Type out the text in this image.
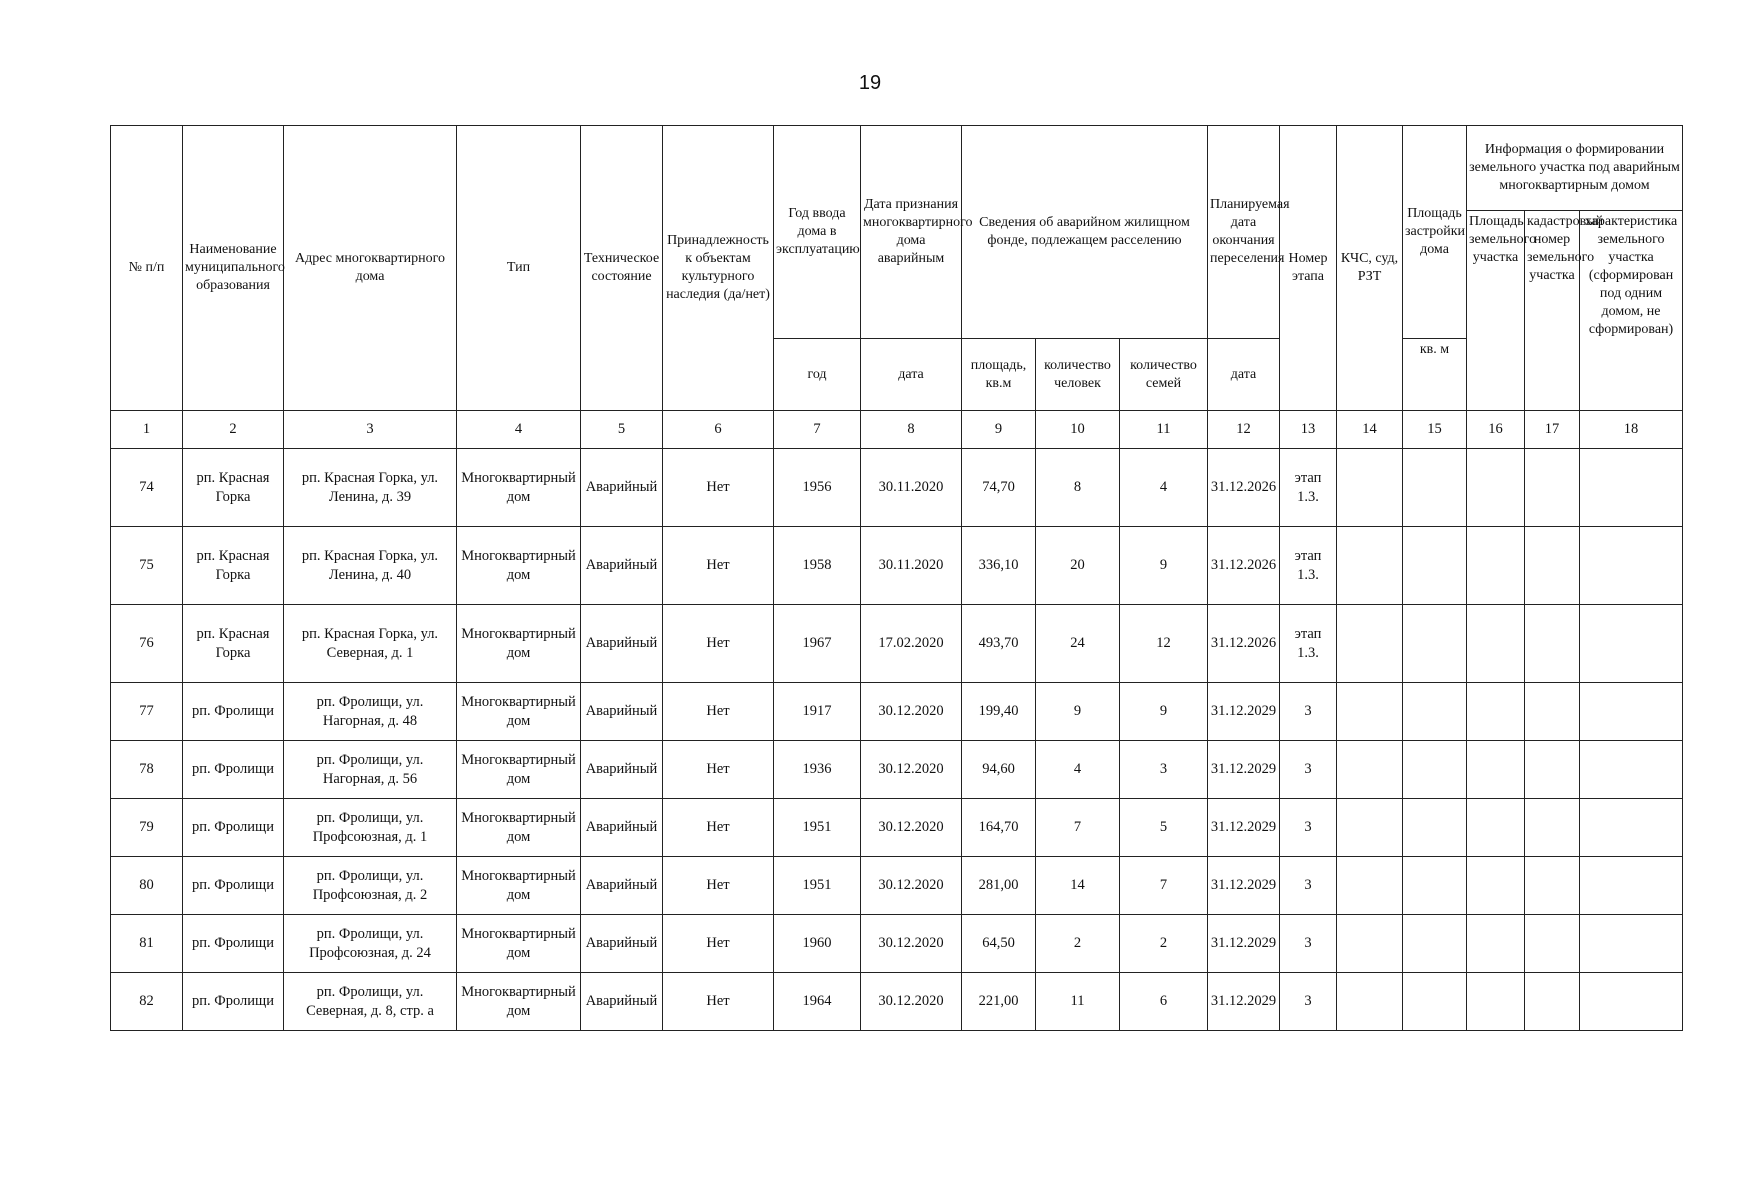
19
№ п/п	Наименование муниципального образования	Адрес многоквартирного дома	Тип	Техническое состояние	Принадлежность к объектам культурного наследия (да/нет)	Год ввода дома в эксплуатацию	Дата признания многоквартирного дома аварийным	Сведения об аварийном жилищном фонде, подлежащем расселению			Планируемая дата окончания переселения	Номер этапа	КЧС, суд, РЗТ	Площадь застройки дома	Информация о формировании земельного участка под аварийным многоквартирным домом		
															Площадь земельного участка	кадастровый номер земельного участка	характеристика земельного участка (сформирован под одним домом, не сформирован)
						год	дата	площадь, кв.м	количество человек	количество семей	дата			кв. м			
1	2	3	4	5	6	7	8	9	10	11	12	13	14	15	16	17	18
74	рп. Красная Горка	рп. Красная Горка, ул. Ленина, д. 39	Многоквартирный дом	Аварийный	Нет	1956	30.11.2020	74,70	8	4	31.12.2026	этап 1.3.					
75	рп. Красная Горка	рп. Красная Горка, ул. Ленина, д. 40	Многоквартирный дом	Аварийный	Нет	1958	30.11.2020	336,10	20	9	31.12.2026	этап 1.3.					
76	рп. Красная Горка	рп. Красная Горка, ул. Северная, д. 1	Многоквартирный дом	Аварийный	Нет	1967	17.02.2020	493,70	24	12	31.12.2026	этап 1.3.					
77	рп. Фролищи	рп. Фролищи, ул. Нагорная, д. 48	Многоквартирный дом	Аварийный	Нет	1917	30.12.2020	199,40	9	9	31.12.2029	3					
78	рп. Фролищи	рп. Фролищи, ул. Нагорная, д. 56	Многоквартирный дом	Аварийный	Нет	1936	30.12.2020	94,60	4	3	31.12.2029	3					
79	рп. Фролищи	рп. Фролищи, ул. Профсоюзная, д. 1	Многоквартирный дом	Аварийный	Нет	1951	30.12.2020	164,70	7	5	31.12.2029	3					
80	рп. Фролищи	рп. Фролищи, ул. Профсоюзная, д. 2	Многоквартирный дом	Аварийный	Нет	1951	30.12.2020	281,00	14	7	31.12.2029	3					
81	рп. Фролищи	рп. Фролищи, ул. Профсоюзная, д. 24	Многоквартирный дом	Аварийный	Нет	1960	30.12.2020	64,50	2	2	31.12.2029	3					
82	рп. Фролищи	рп. Фролищи, ул. Северная, д. 8, стр. а	Многоквартирный дом	Аварийный	Нет	1964	30.12.2020	221,00	11	6	31.12.2029	3					
